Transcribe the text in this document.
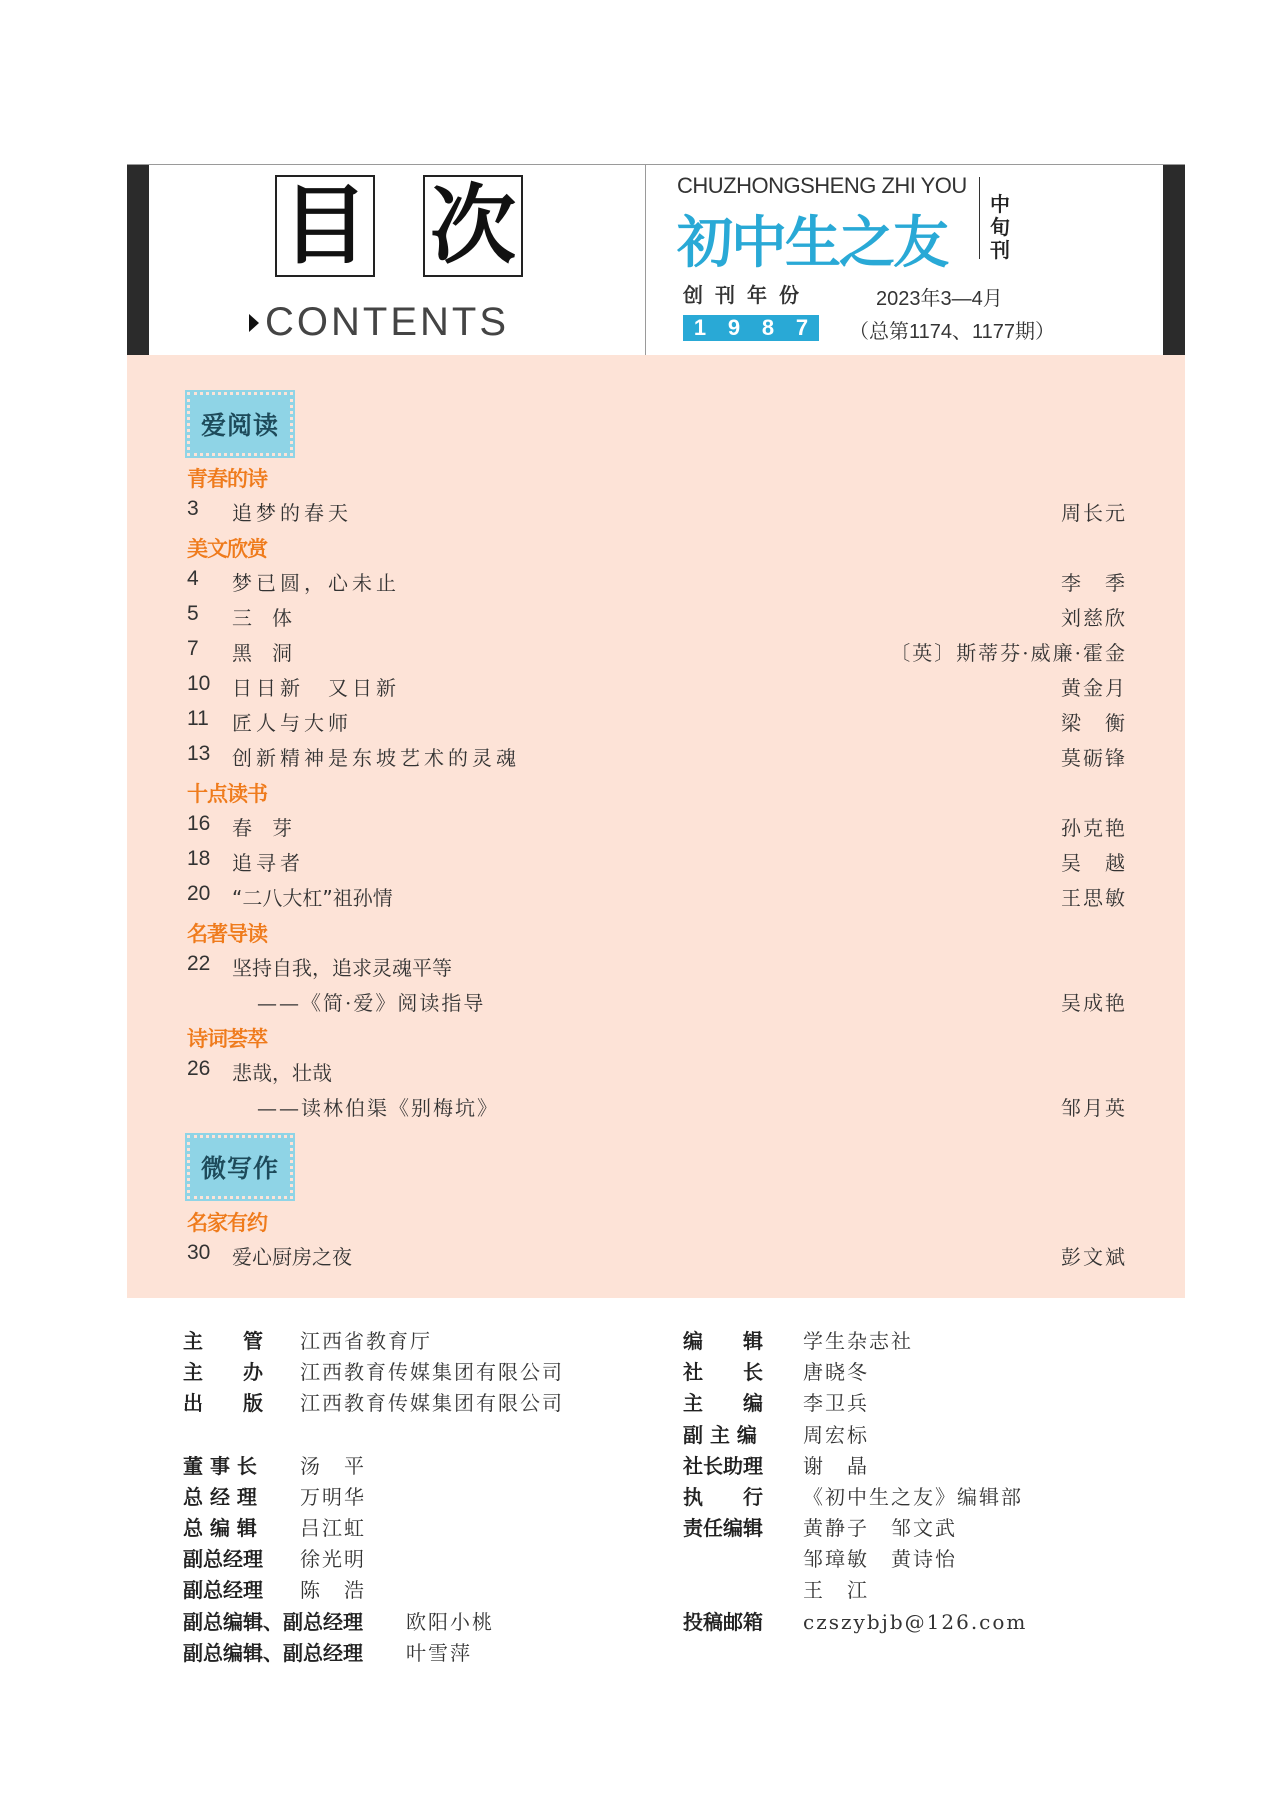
目 次
CONTENTS
CHUZHONGSHENG ZHI YOU
初中生之友
中
旬
刊
创刊年份
1 9 8 7
2023年3—4月
（总第1174、1177期）
爱阅读
青春的诗
3 追梦的春天	周长元
美文欣赏
4 梦已圆，心未止	李　季
5 三　体	刘慈欣
7 黑　洞	〔英〕斯蒂芬·威廉·霍金
10 日日新　又日新	黄金月
11 匠人与大师	梁　衡
13 创新精神是东坡艺术的灵魂	莫砺锋
十点读书
16 春　芽	孙克艳
18 追寻者	吴　越
20 “二八大杠”祖孙情	王思敏
名著导读
22 坚持自我，追求灵魂平等
——《简·爱》阅读指导	吴成艳
诗词荟萃
26 悲哉，壮哉
——读林伯渠《别梅坑》	邹月英
微写作
名家有约
30 爱心厨房之夜	彭文斌
主　　管 江西省教育厅
主　　办 江西教育传媒集团有限公司
出　　版 江西教育传媒集团有限公司
董 事 长 汤　平
总 经 理 万明华
总 编 辑 吕江虹
副总经理 徐光明
副总经理 陈　浩
副总编辑、副总经理 欧阳小桃
副总编辑、副总经理 叶雪萍
编　　辑 学生杂志社
社　　长 唐晓冬
主　　编 李卫兵
副 主 编 周宏标
社长助理 谢　晶
执　　行 《初中生之友》编辑部
责任编辑 黄静子　邹文武
邹璋敏　黄诗怡
王　江
投稿邮箱 czszybjb@126.com
